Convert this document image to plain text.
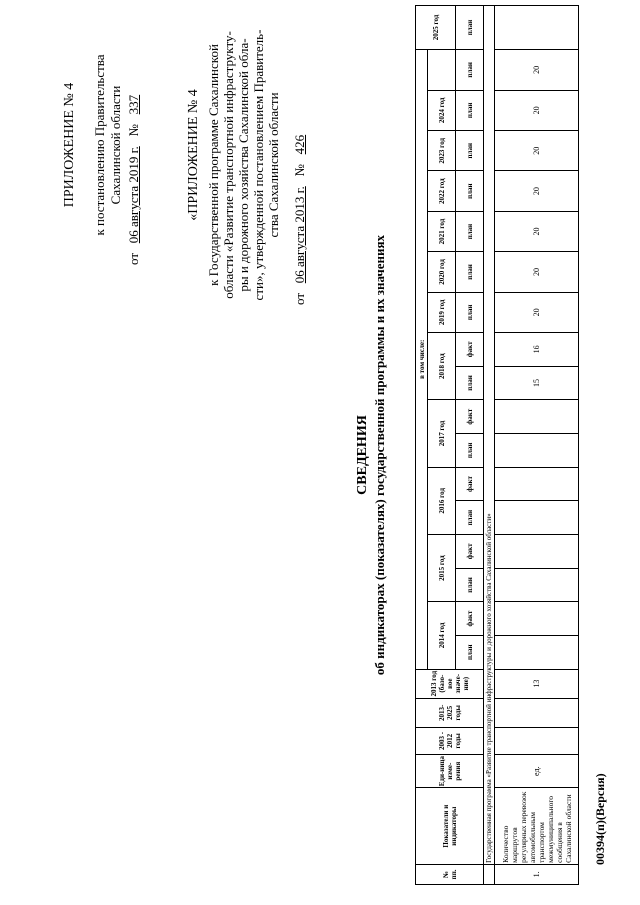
ПРИЛОЖЕНИЕ № 4 к постановлению Правительства Сахалинской области
от   06 августа 2019 г.   №   337	«ПРИЛОЖЕНИЕ № 4 к Государственной программе Сахалинской области «Развитие транспортной инфраструкту- ры и дорожного хозяйства Сахалинской обла- сти», утвержденной постановлением Правитель- ства Сахалинской области
от   06 августа 2013 г.   №   426
СВЕДЕНИЯ об индикаторах (показателях) государственной программы и их значениях
№ пп.	Показатели и индикаторы	Еди-ница изме-рения	2003 - 2012 годы	2013- 2025 годы	2013 год (базо-вое значе-ние)	в том числе:																	2025 год
						2014 год		2015 год		2016 год		2017 год		2018 год		2019 год	2020 год	2021 год	2022 год	2023 год	2024 год		
						план	факт	план	факт	план	факт	план	факт	план	факт	план	план	план	план	план	план	план	план
	Государственная программа «Развитие транспортной инфраструктуры и дорожного хозяйства Сахалинской области»																						
1.	Количество маршрутов регулярных перевозок автомобильным транспортом межмуниципального сообщения в Сахалинской области	ед.			13									15	16	20	20	20	20	20	20	20	
00394(п)(Версия)
